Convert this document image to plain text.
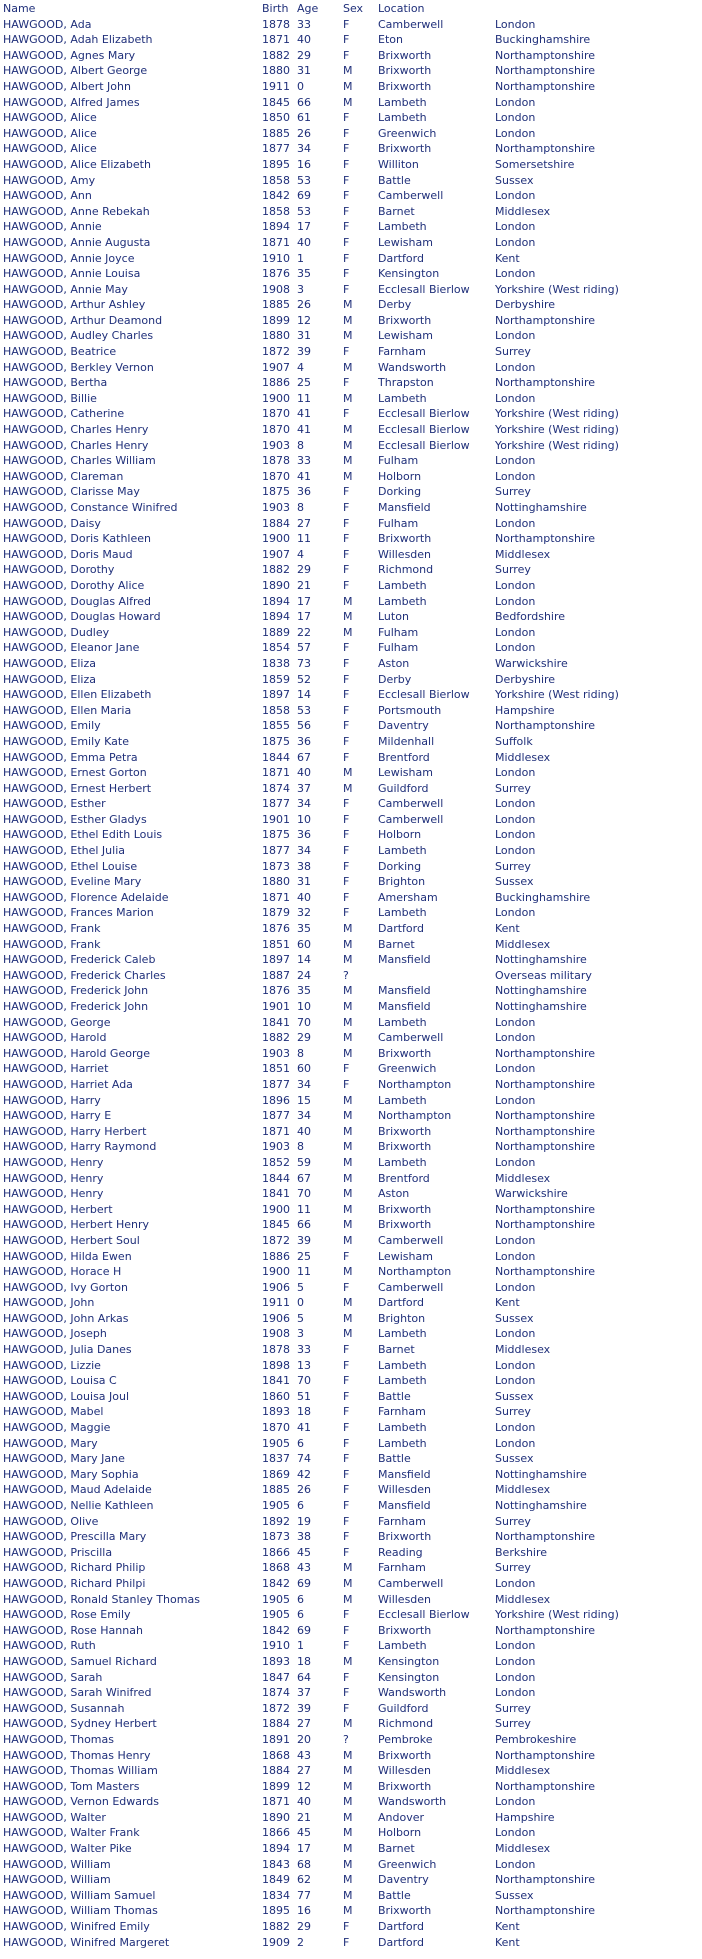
Name	Birth	Age	Sex	Location	
HAWGOOD, Ada	1878	33	F	Camberwell	London
HAWGOOD, Adah Elizabeth	1871	40	F	Eton	Buckinghamshire
HAWGOOD, Agnes Mary	1882	29	F	Brixworth	Northamptonshire
HAWGOOD, Albert George	1880	31	M	Brixworth	Northamptonshire
HAWGOOD, Albert John	1911	0	M	Brixworth	Northamptonshire
HAWGOOD, Alfred James	1845	66	M	Lambeth	London
HAWGOOD, Alice	1850	61	F	Lambeth	London
HAWGOOD, Alice	1885	26	F	Greenwich	London
HAWGOOD, Alice	1877	34	F	Brixworth	Northamptonshire
HAWGOOD, Alice Elizabeth	1895	16	F	Williton	Somersetshire
HAWGOOD, Amy	1858	53	F	Battle	Sussex
HAWGOOD, Ann	1842	69	F	Camberwell	London
HAWGOOD, Anne Rebekah	1858	53	F	Barnet	Middlesex
HAWGOOD, Annie	1894	17	F	Lambeth	London
HAWGOOD, Annie Augusta	1871	40	F	Lewisham	London
HAWGOOD, Annie Joyce	1910	1	F	Dartford	Kent
HAWGOOD, Annie Louisa	1876	35	F	Kensington	London
HAWGOOD, Annie May	1908	3	F	Ecclesall Bierlow	Yorkshire (West riding)
HAWGOOD, Arthur Ashley	1885	26	M	Derby	Derbyshire
HAWGOOD, Arthur Deamond	1899	12	M	Brixworth	Northamptonshire
HAWGOOD, Audley Charles	1880	31	M	Lewisham	London
HAWGOOD, Beatrice	1872	39	F	Farnham	Surrey
HAWGOOD, Berkley Vernon	1907	4	M	Wandsworth	London
HAWGOOD, Bertha	1886	25	F	Thrapston	Northamptonshire
HAWGOOD, Billie	1900	11	M	Lambeth	London
HAWGOOD, Catherine	1870	41	F	Ecclesall Bierlow	Yorkshire (West riding)
HAWGOOD, Charles Henry	1870	41	M	Ecclesall Bierlow	Yorkshire (West riding)
HAWGOOD, Charles Henry	1903	8	M	Ecclesall Bierlow	Yorkshire (West riding)
HAWGOOD, Charles William	1878	33	M	Fulham	London
HAWGOOD, Clareman	1870	41	M	Holborn	London
HAWGOOD, Clarisse May	1875	36	F	Dorking	Surrey
HAWGOOD, Constance Winifred	1903	8	F	Mansfield	Nottinghamshire
HAWGOOD, Daisy	1884	27	F	Fulham	London
HAWGOOD, Doris Kathleen	1900	11	F	Brixworth	Northamptonshire
HAWGOOD, Doris Maud	1907	4	F	Willesden	Middlesex
HAWGOOD, Dorothy	1882	29	F	Richmond	Surrey
HAWGOOD, Dorothy Alice	1890	21	F	Lambeth	London
HAWGOOD, Douglas Alfred	1894	17	M	Lambeth	London
HAWGOOD, Douglas Howard	1894	17	M	Luton	Bedfordshire
HAWGOOD, Dudley	1889	22	M	Fulham	London
HAWGOOD, Eleanor Jane	1854	57	F	Fulham	London
HAWGOOD, Eliza	1838	73	F	Aston	Warwickshire
HAWGOOD, Eliza	1859	52	F	Derby	Derbyshire
HAWGOOD, Ellen Elizabeth	1897	14	F	Ecclesall Bierlow	Yorkshire (West riding)
HAWGOOD, Ellen Maria	1858	53	F	Portsmouth	Hampshire
HAWGOOD, Emily	1855	56	F	Daventry	Northamptonshire
HAWGOOD, Emily Kate	1875	36	F	Mildenhall	Suffolk
HAWGOOD, Emma Petra	1844	67	F	Brentford	Middlesex
HAWGOOD, Ernest Gorton	1871	40	M	Lewisham	London
HAWGOOD, Ernest Herbert	1874	37	M	Guildford	Surrey
HAWGOOD, Esther	1877	34	F	Camberwell	London
HAWGOOD, Esther Gladys	1901	10	F	Camberwell	London
HAWGOOD, Ethel Edith Louis	1875	36	F	Holborn	London
HAWGOOD, Ethel Julia	1877	34	F	Lambeth	London
HAWGOOD, Ethel Louise	1873	38	F	Dorking	Surrey
HAWGOOD, Eveline Mary	1880	31	F	Brighton	Sussex
HAWGOOD, Florence Adelaide	1871	40	F	Amersham	Buckinghamshire
HAWGOOD, Frances Marion	1879	32	F	Lambeth	London
HAWGOOD, Frank	1876	35	M	Dartford	Kent
HAWGOOD, Frank	1851	60	M	Barnet	Middlesex
HAWGOOD, Frederick Caleb	1897	14	M	Mansfield	Nottinghamshire
HAWGOOD, Frederick Charles	1887	24	?		Overseas military
HAWGOOD, Frederick John	1876	35	M	Mansfield	Nottinghamshire
HAWGOOD, Frederick John	1901	10	M	Mansfield	Nottinghamshire
HAWGOOD, George	1841	70	M	Lambeth	London
HAWGOOD, Harold	1882	29	M	Camberwell	London
HAWGOOD, Harold George	1903	8	M	Brixworth	Northamptonshire
HAWGOOD, Harriet	1851	60	F	Greenwich	London
HAWGOOD, Harriet Ada	1877	34	F	Northampton	Northamptonshire
HAWGOOD, Harry	1896	15	M	Lambeth	London
HAWGOOD, Harry E	1877	34	M	Northampton	Northamptonshire
HAWGOOD, Harry Herbert	1871	40	M	Brixworth	Northamptonshire
HAWGOOD, Harry Raymond	1903	8	M	Brixworth	Northamptonshire
HAWGOOD, Henry	1852	59	M	Lambeth	London
HAWGOOD, Henry	1844	67	M	Brentford	Middlesex
HAWGOOD, Henry	1841	70	M	Aston	Warwickshire
HAWGOOD, Herbert	1900	11	M	Brixworth	Northamptonshire
HAWGOOD, Herbert Henry	1845	66	M	Brixworth	Northamptonshire
HAWGOOD, Herbert Soul	1872	39	M	Camberwell	London
HAWGOOD, Hilda Ewen	1886	25	F	Lewisham	London
HAWGOOD, Horace H	1900	11	M	Northampton	Northamptonshire
HAWGOOD, Ivy Gorton	1906	5	F	Camberwell	London
HAWGOOD, John	1911	0	M	Dartford	Kent
HAWGOOD, John Arkas	1906	5	M	Brighton	Sussex
HAWGOOD, Joseph	1908	3	M	Lambeth	London
HAWGOOD, Julia Danes	1878	33	F	Barnet	Middlesex
HAWGOOD, Lizzie	1898	13	F	Lambeth	London
HAWGOOD, Louisa C	1841	70	F	Lambeth	London
HAWGOOD, Louisa Joul	1860	51	F	Battle	Sussex
HAWGOOD, Mabel	1893	18	F	Farnham	Surrey
HAWGOOD, Maggie	1870	41	F	Lambeth	London
HAWGOOD, Mary	1905	6	F	Lambeth	London
HAWGOOD, Mary Jane	1837	74	F	Battle	Sussex
HAWGOOD, Mary Sophia	1869	42	F	Mansfield	Nottinghamshire
HAWGOOD, Maud Adelaide	1885	26	F	Willesden	Middlesex
HAWGOOD, Nellie Kathleen	1905	6	F	Mansfield	Nottinghamshire
HAWGOOD, Olive	1892	19	F	Farnham	Surrey
HAWGOOD, Prescilla Mary	1873	38	F	Brixworth	Northamptonshire
HAWGOOD, Priscilla	1866	45	F	Reading	Berkshire
HAWGOOD, Richard Philip	1868	43	M	Farnham	Surrey
HAWGOOD, Richard Philpi	1842	69	M	Camberwell	London
HAWGOOD, Ronald Stanley Thomas	1905	6	M	Willesden	Middlesex
HAWGOOD, Rose Emily	1905	6	F	Ecclesall Bierlow	Yorkshire (West riding)
HAWGOOD, Rose Hannah	1842	69	F	Brixworth	Northamptonshire
HAWGOOD, Ruth	1910	1	F	Lambeth	London
HAWGOOD, Samuel Richard	1893	18	M	Kensington	London
HAWGOOD, Sarah	1847	64	F	Kensington	London
HAWGOOD, Sarah Winifred	1874	37	F	Wandsworth	London
HAWGOOD, Susannah	1872	39	F	Guildford	Surrey
HAWGOOD, Sydney Herbert	1884	27	M	Richmond	Surrey
HAWGOOD, Thomas	1891	20	?	Pembroke	Pembrokeshire
HAWGOOD, Thomas Henry	1868	43	M	Brixworth	Northamptonshire
HAWGOOD, Thomas William	1884	27	M	Willesden	Middlesex
HAWGOOD, Tom Masters	1899	12	M	Brixworth	Northamptonshire
HAWGOOD, Vernon Edwards	1871	40	M	Wandsworth	London
HAWGOOD, Walter	1890	21	M	Andover	Hampshire
HAWGOOD, Walter Frank	1866	45	M	Holborn	London
HAWGOOD, Walter Pike	1894	17	M	Barnet	Middlesex
HAWGOOD, William	1843	68	M	Greenwich	London
HAWGOOD, William	1849	62	M	Daventry	Northamptonshire
HAWGOOD, William Samuel	1834	77	M	Battle	Sussex
HAWGOOD, William Thomas	1895	16	M	Brixworth	Northamptonshire
HAWGOOD, Winifred Emily	1882	29	F	Dartford	Kent
HAWGOOD, Winifred Margeret	1909	2	F	Dartford	Kent
